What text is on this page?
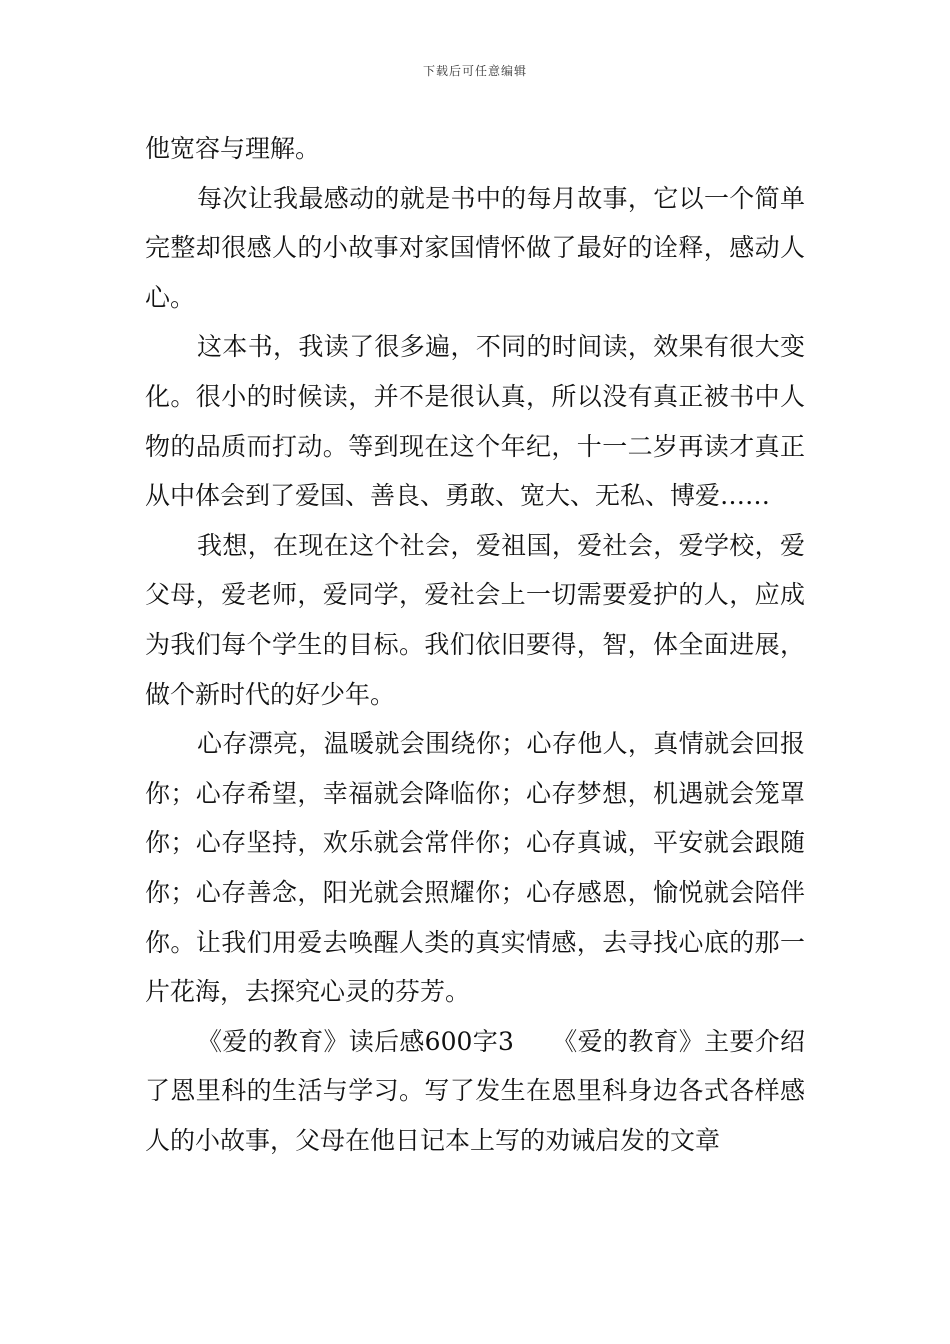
下载后可任意编辑

他宽容与理解。

每次让我最感动的就是书中的每月故事，它以一个简单完整却很感人的小故事对家国情怀做了最好的诠释，感动人心。

这本书，我读了很多遍，不同的时间读，效果有很大变化。很小的时候读，并不是很认真，所以没有真正被书中人物的品质而打动。等到现在这个年纪，十一二岁再读才真正从中体会到了爱国、善良、勇敢、宽大、无私、博爱……

我想，在现在这个社会，爱祖国，爱社会，爱学校，爱父母，爱老师，爱同学，爱社会上一切需要爱护的人，应成为我们每个学生的目标。我们依旧要得，智，体全面进展，做个新时代的好少年。

心存漂亮，温暖就会围绕你；心存他人，真情就会回报你；心存希望，幸福就会降临你；心存梦想，机遇就会笼罩你；心存坚持，欢乐就会常伴你；心存真诚，平安就会跟随你；心存善念，阳光就会照耀你；心存感恩，愉悦就会陪伴你。让我们用爱去唤醒人类的真实情感，去寻找心底的那一片花海，去探究心灵的芬芳。

《爱的教育》读后感600字3　　《爱的教育》主要介绍了恩里科的生活与学习。写了发生在恩里科身边各式各样感人的小故事，父母在他日记本上写的劝诫启发的文章
